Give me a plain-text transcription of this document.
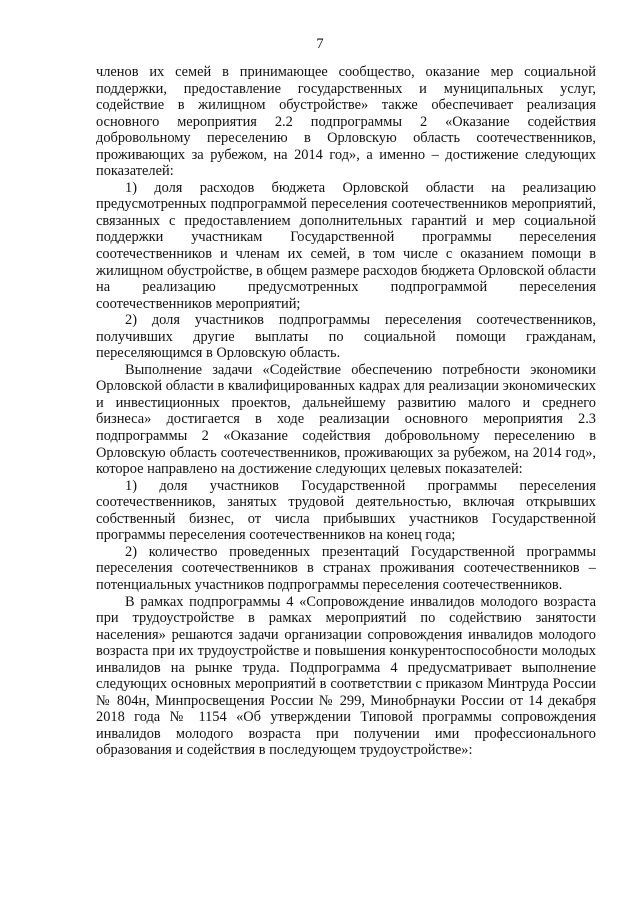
7

членов их семей в принимающее сообщество, оказание мер социальной поддержки, предоставление государственных и муниципальных услуг, содействие в жилищном обустройстве» также обеспечивает реализация основного мероприятия 2.2 подпрограммы 2 «Оказание содействия добровольному переселению в Орловскую область соотечественников, проживающих за рубежом, на 2014 год», а именно – достижение следующих показателей:

1) доля расходов бюджета Орловской области на реализацию предусмотренных подпрограммой переселения соотечественников мероприятий, связанных с предоставлением дополнительных гарантий и мер социальной поддержки участникам Государственной программы переселения соотечественников и членам их семей, в том числе с оказанием помощи в жилищном обустройстве, в общем размере расходов бюджета Орловской области на реализацию предусмотренных подпрограммой переселения соотечественников мероприятий;

2) доля участников подпрограммы переселения соотечественников, получивших другие выплаты по социальной помощи гражданам, переселяющимся в Орловскую область.

Выполнение задачи «Содействие обеспечению потребности экономики Орловской области в квалифицированных кадрах для реализации экономических и инвестиционных проектов, дальнейшему развитию малого и среднего бизнеса» достигается в ходе реализации основного мероприятия 2.3 подпрограммы 2 «Оказание содействия добровольному переселению в Орловскую область соотечественников, проживающих за рубежом, на 2014 год», которое направлено на достижение следующих целевых показателей:

1) доля участников Государственной программы переселения соотечественников, занятых трудовой деятельностью, включая открывших собственный бизнес, от числа прибывших участников Государственной программы переселения соотечественников на конец года;

2) количество проведенных презентаций Государственной программы переселения соотечественников в странах проживания соотечественников – потенциальных участников подпрограммы переселения соотечественников.

В рамках подпрограммы 4 «Сопровождение инвалидов молодого возраста при трудоустройстве в рамках мероприятий по содействию занятости населения» решаются задачи организации сопровождения инвалидов молодого возраста при их трудоустройстве и повышения конкурентоспособности молодых инвалидов на рынке труда. Подпрограмма 4 предусматривает выполнение следующих основных мероприятий в соответствии с приказом Минтруда России № 804н, Минпросвещения России № 299, Минобрнауки России от 14 декабря 2018 года № 1154 «Об утверждении Типовой программы сопровождения инвалидов молодого возраста при получении ими профессионального образования и содействия в последующем трудоустройстве»:
